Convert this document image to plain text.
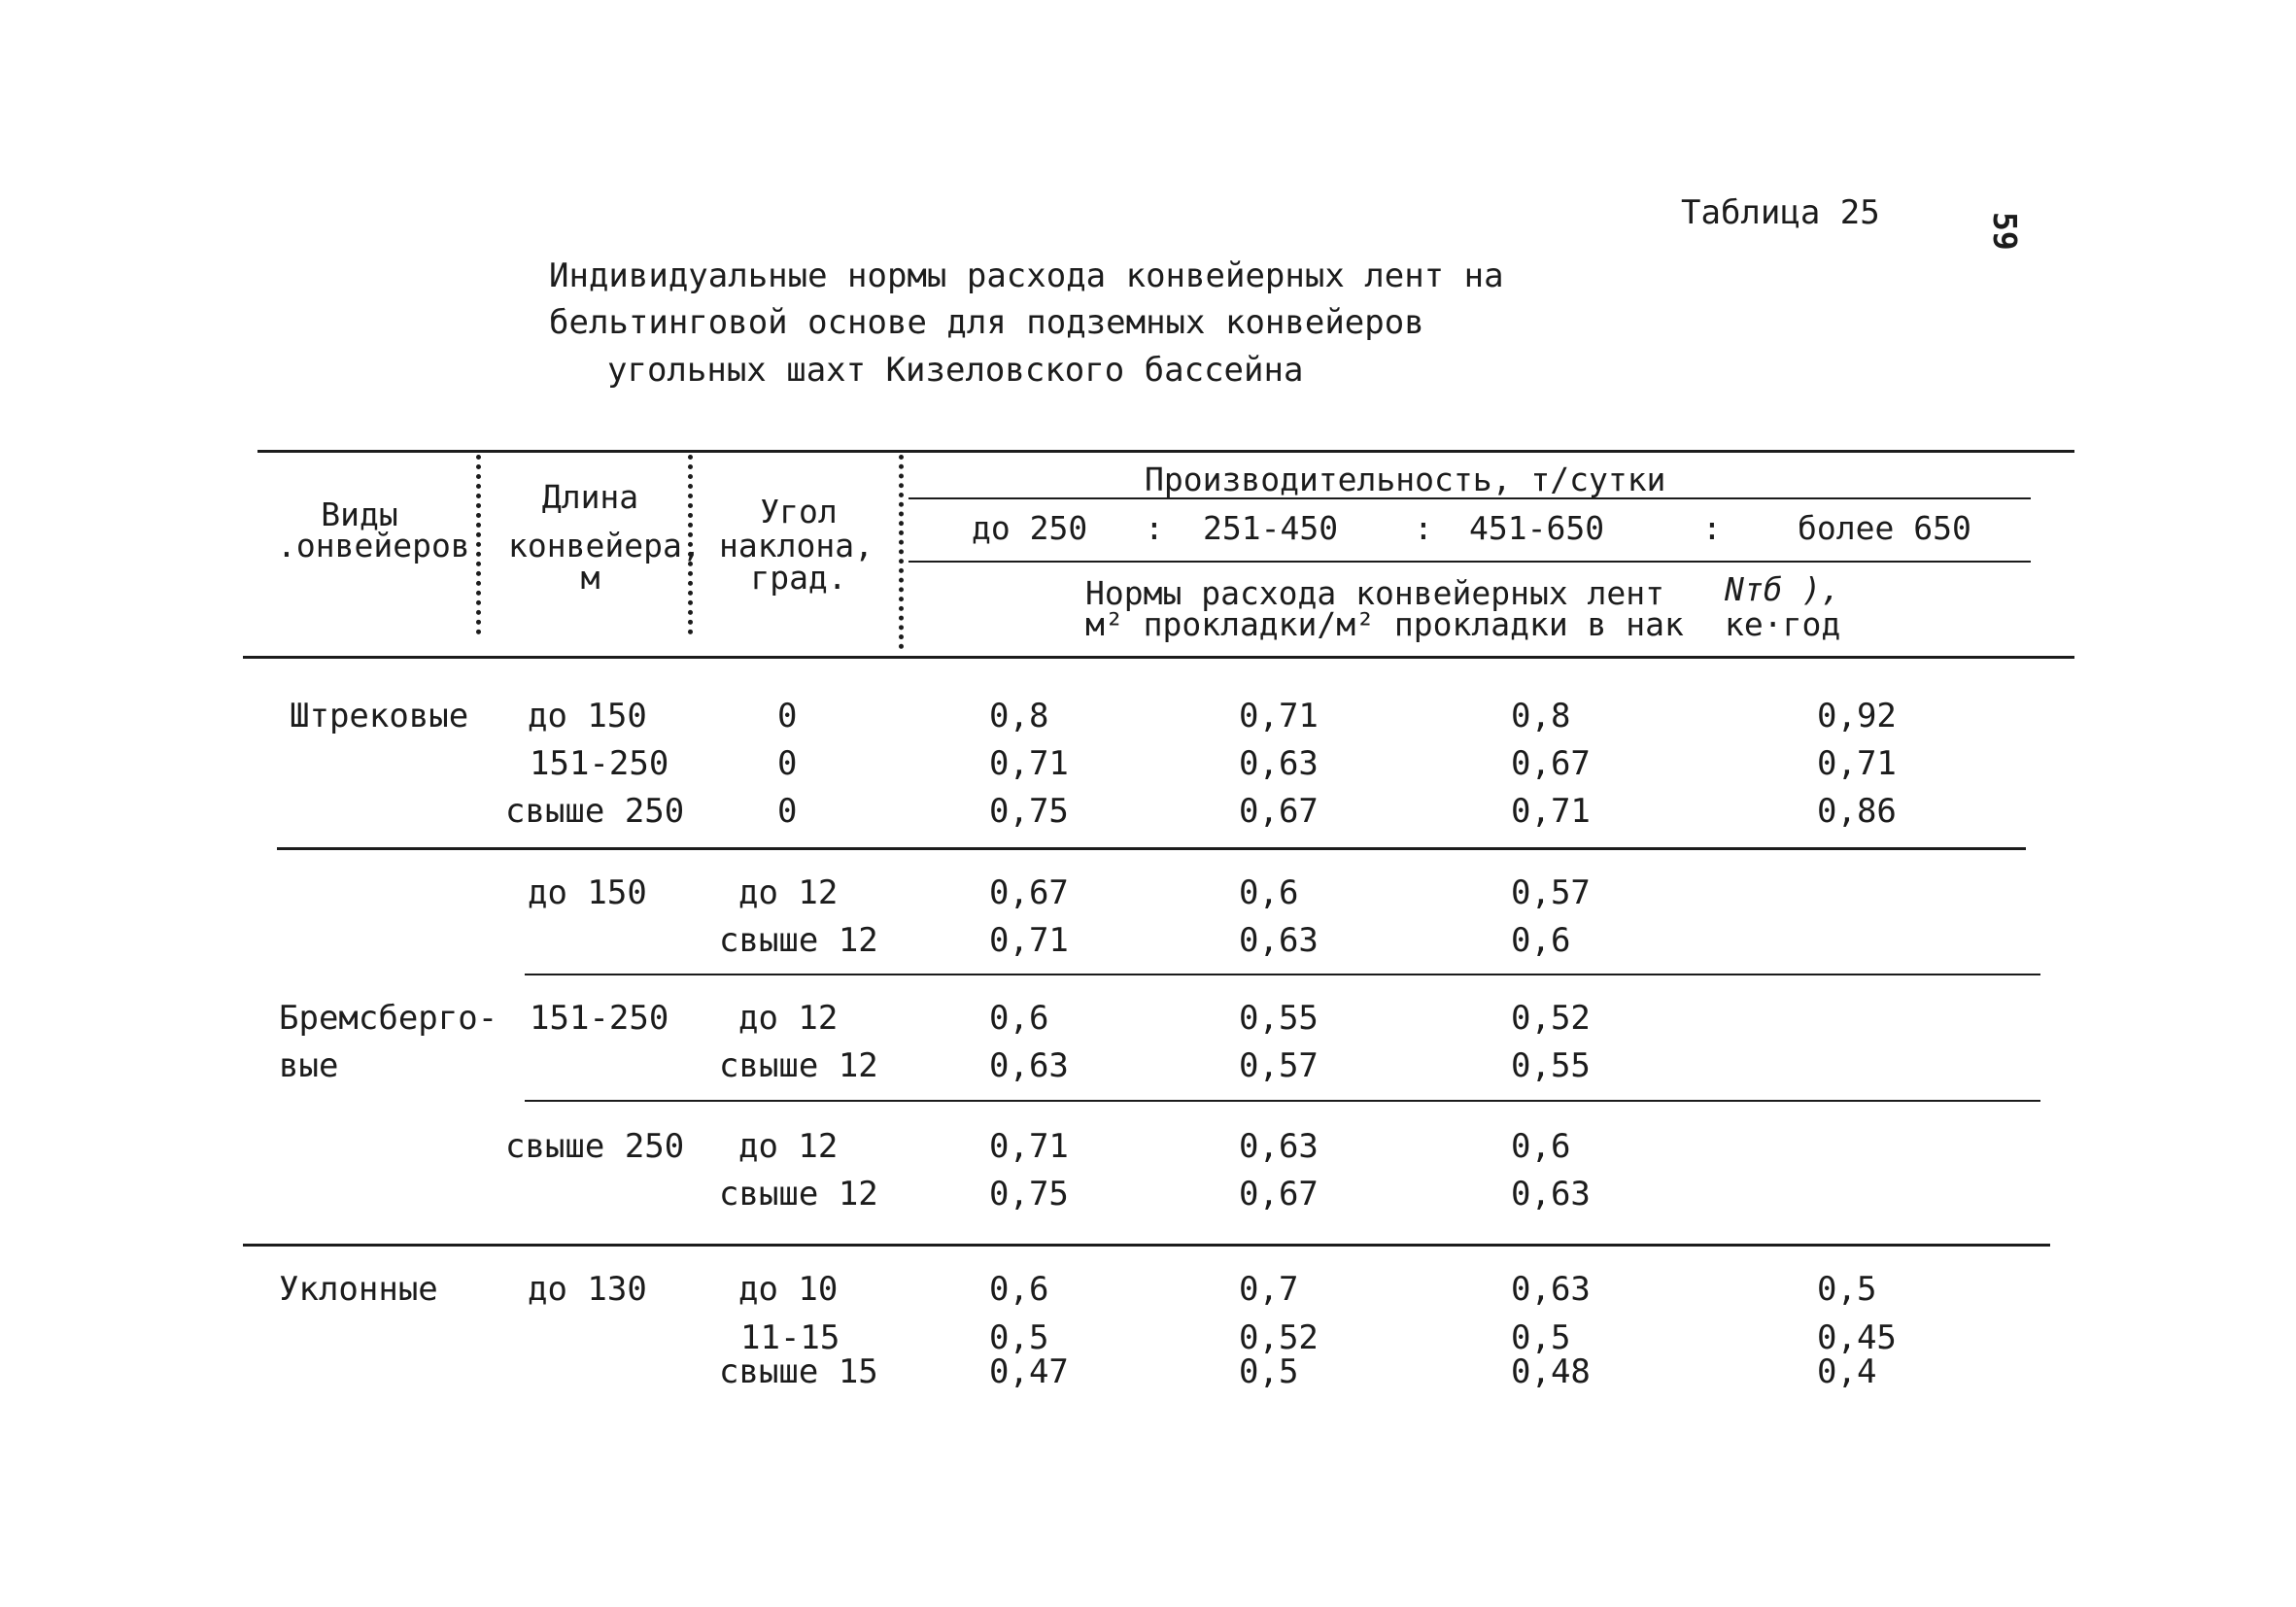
59
Таблица 25
Индивидуальные нормы расхода конвейерных лент на
бельтинговой основе для подземных конвейеров
угольных шахт Кизеловского бассейна
Виды
.онвейеров
Длина
конвейера,
м
Угол
наклона,
град.
Производительность, т/сутки
до 250 : 251-450 : 451-650	: более 650
Нормы расхода конвейерных лент Nтб ),
м² прокладки/м² прокладки в нак ке·год
Штрековые до 150	0	0,8	0,71	0,8	0,92
151-250	0	0,71	0,63	0,67	0,71
свыше 250	0	0,75	0,67	0,71	0,86
Бремсберго-
вые
до 150	до 12	0,67	0,6	0,57
свыше 12	0,71	0,63	0,6
151-250 до 12	0,6	0,55	0,52
свыше 12	0,63	0,57	0,55
свыше 250 до 12	0,71	0,63	0,6
свыше 12	0,75	0,67	0,63
Уклонные	до 130	до 10	0,6	0,7	0,63	0,5
11-15	0,5	0,52	0,5	0,45
свыше 15	0,47	0,5	0,48	0,4
